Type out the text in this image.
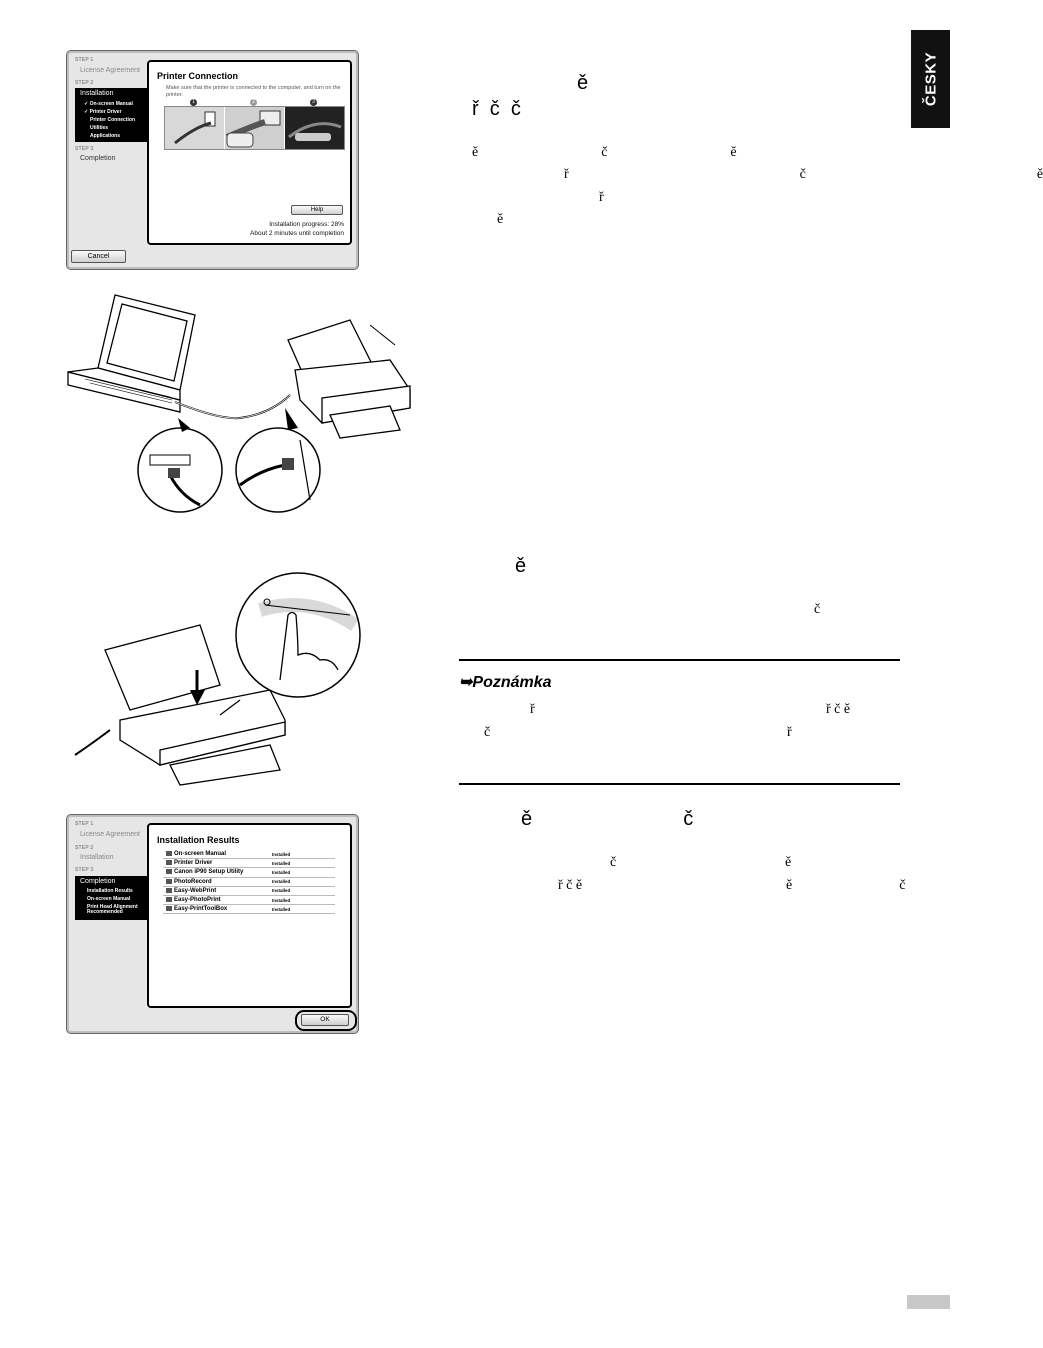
ČESKY
STEP 1
License Agreement
STEP 2
Installation
✓ On-screen Manual
✓ Printer Driver
Printer Connection
Utilities
Applications
STEP 3
Completion
Printer Connection
Make sure that the printer is connected to the computer, and turn on the printer.
1	2	3
Help
Installation progress: 28%
About 2 minutes until completion
Cancel
STEP 1
License Agreement
STEP 2
Installation
STEP 3
Completion
Installation Results
On-screen Manual
Print Head Alignment Recommended
Installation Results
On-screen Manual	Installed
Printer Driver	Installed
Canon iP90 Setup Utility	Installed
PhotoRecord	Installed
Easy-WebPrint	Installed
Easy-PhotoPrint	Installed
Easy-PrintToolBox	Installed
OK
ě
ř  č  č
ě  č  ě
ř  č  ě
ř
ě
ě
č
➥Poznámka
ř	ř č ě
č	ř
ě  č
č	ě
ř č ě	ě  č
